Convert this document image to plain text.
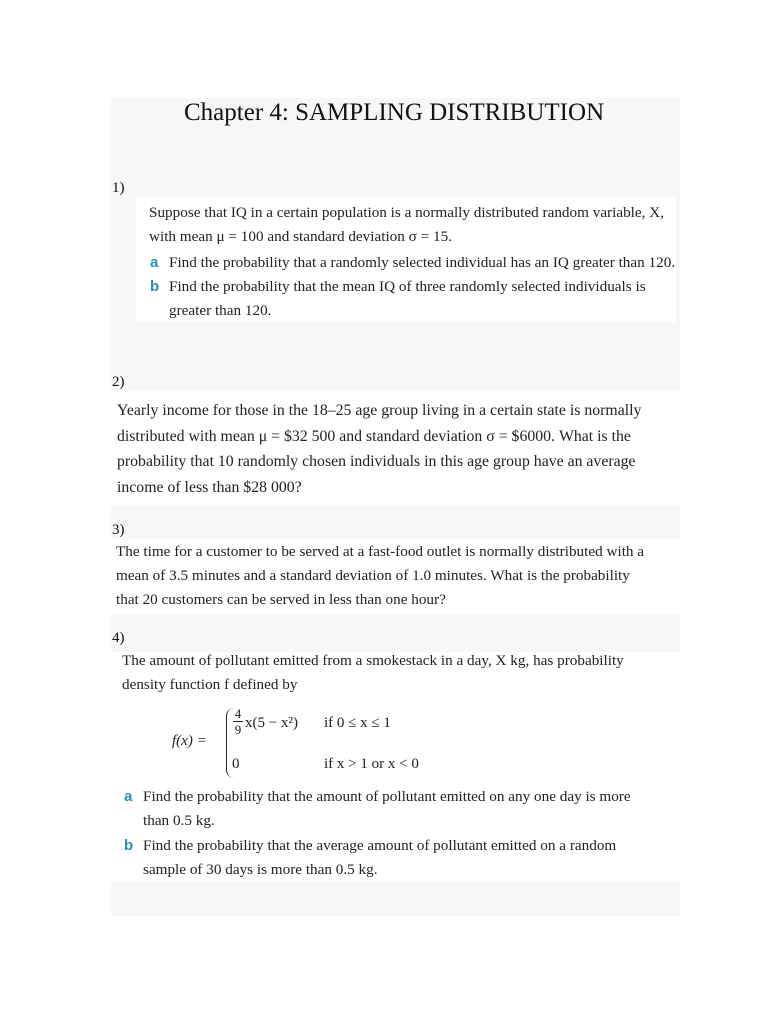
Chapter 4: SAMPLING DISTRIBUTION
1)
Suppose that IQ in a certain population is a normally distributed random variable, X,
with mean μ = 100 and standard deviation σ = 15.
a Find the probability that a randomly selected individual has an IQ greater than 120.
b Find the probability that the mean IQ of three randomly selected individuals is
greater than 120.
2)
Yearly income for those in the 18–25 age group living in a certain state is normally
distributed with mean μ = $32 500 and standard deviation σ = $6000. What is the
probability that 10 randomly chosen individuals in this age group have an average
income of less than $28 000?
3)
The time for a customer to be served at a fast-food outlet is normally distributed with a
mean of 3.5 minutes and a standard deviation of 1.0 minutes. What is the probability
that 20 customers can be served in less than one hour?
4)
The amount of pollutant emitted from a smokestack in a day, X kg, has probability
density function f defined by
f(x) =
4
9 x(5 − x²) if 0 ≤ x ≤ 1
0	if x > 1 or x < 0
a Find the probability that the amount of pollutant emitted on any one day is more
than 0.5 kg.
b Find the probability that the average amount of pollutant emitted on a random
sample of 30 days is more than 0.5 kg.
